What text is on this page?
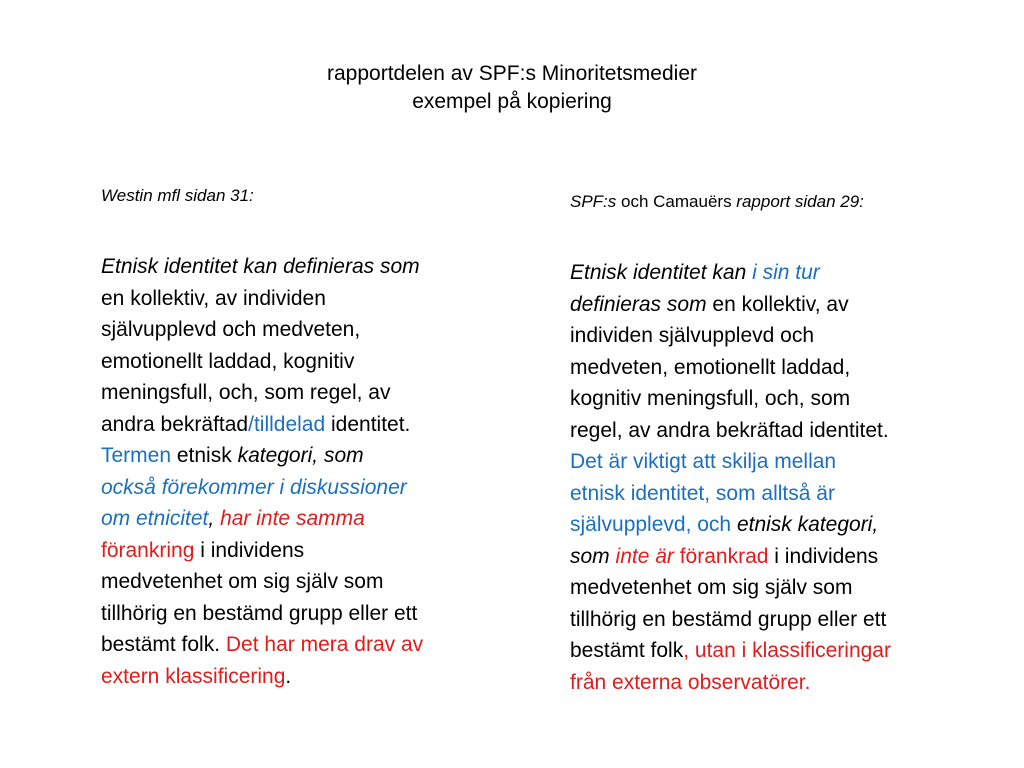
rapportdelen av SPF:s Minoritetsmedier
exempel på kopiering
Westin mfl sidan 31:
Etnisk identitet kan definieras som
en kollektiv, av individen
självupplevd och medveten,
emotionellt laddad, kognitiv
meningsfull, och, som regel, av
andra bekräftad/tilldelad identitet.
Termen etnisk kategori, som
också förekommer i diskussioner
om etnicitet, har inte samma
förankring i individens
medvetenhet om sig själv som
tillhörig en bestämd grupp eller ett
bestämt folk. Det har mera drav av
extern klassificering.
SPF:s och Camauërs rapport sidan 29:
Etnisk identitet kan i sin tur
definieras som en kollektiv, av
individen självupplevd och
medveten, emotionellt laddad,
kognitiv meningsfull, och, som
regel, av andra bekräftad identitet.
Det är viktigt att skilja mellan
etnisk identitet, som alltså är
självupplevd, och etnisk kategori,
som inte är förankrad i individens
medvetenhet om sig själv som
tillhörig en bestämd grupp eller ett
bestämt folk, utan i klassificeringar
från externa observatörer.
